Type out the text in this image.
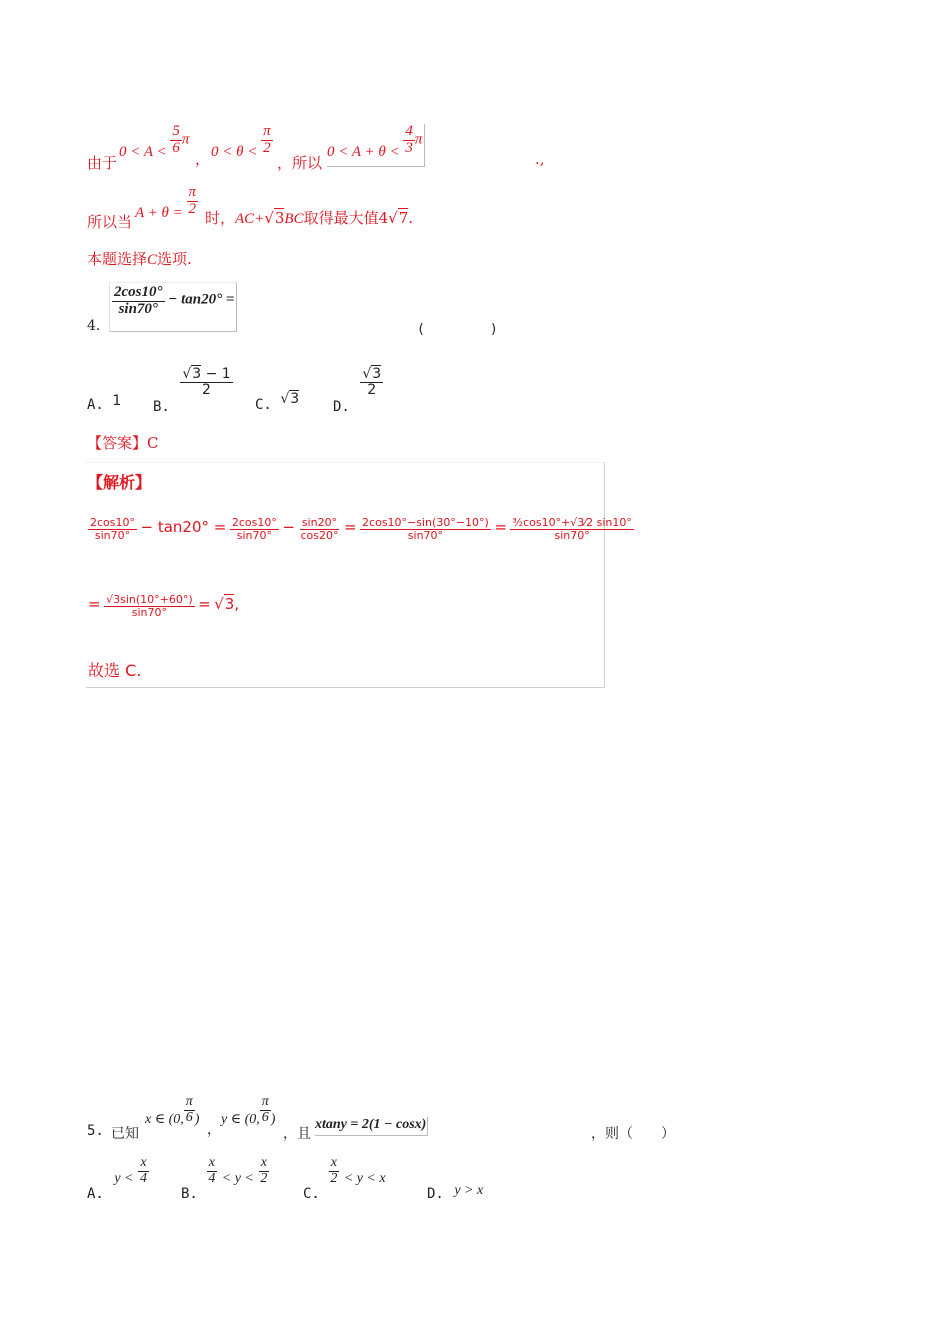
由于
$0 < A < \frac{5}{6}$ π
， $0 < \theta < \frac{\pi}{2}$
，所以
$0 < A + \theta < \frac{4}{3}$ π
.,
所以当
$A + \theta = \frac{\pi}{2}$
时，AC+√3BC取得最大值4√7.
本题选择C选项.
4.
$\frac{2\cos 10^\circ}{\sin 70^\circ} - \tan 20^\circ$ =
(　　　　　)
A. 1 B.
$\frac{√3 - 1}{2}$
C. √3 D.
$\frac{√3}{2}$
【答案】C
【解析】
$\frac{2\cos 10^\circ}{\sin 70^\circ} - \tan 20^\circ = \frac{2\cos 10^\circ}{\sin 70^\circ} - \frac{\sin 20^\circ}{\cos 20^\circ} = \frac{2\cos 10^\circ-\sin(30^\circ-10^\circ)}{\sin 70^\circ} = \frac{\text{³⁄₂cos10°+√3⁄2 sin10°}}{\sin 70^\circ}$
= $\frac{√3\sin(10^\circ+60^\circ)}{\sin 70^\circ} = √3$,
故选 C.
5. 已知
x ∈ (0, $\frac{\pi}{6}$ )
，
y ∈ (0, $\frac{\pi}{6}$ )
，且
xtany = 2(1 − cosx)
，则（　　）
A. $y < \frac{x}{4}$
B.
$\frac{x}{4} < y < \frac{x}{2}$
C.
$\frac{x}{2} < y < x$
D. y > x
